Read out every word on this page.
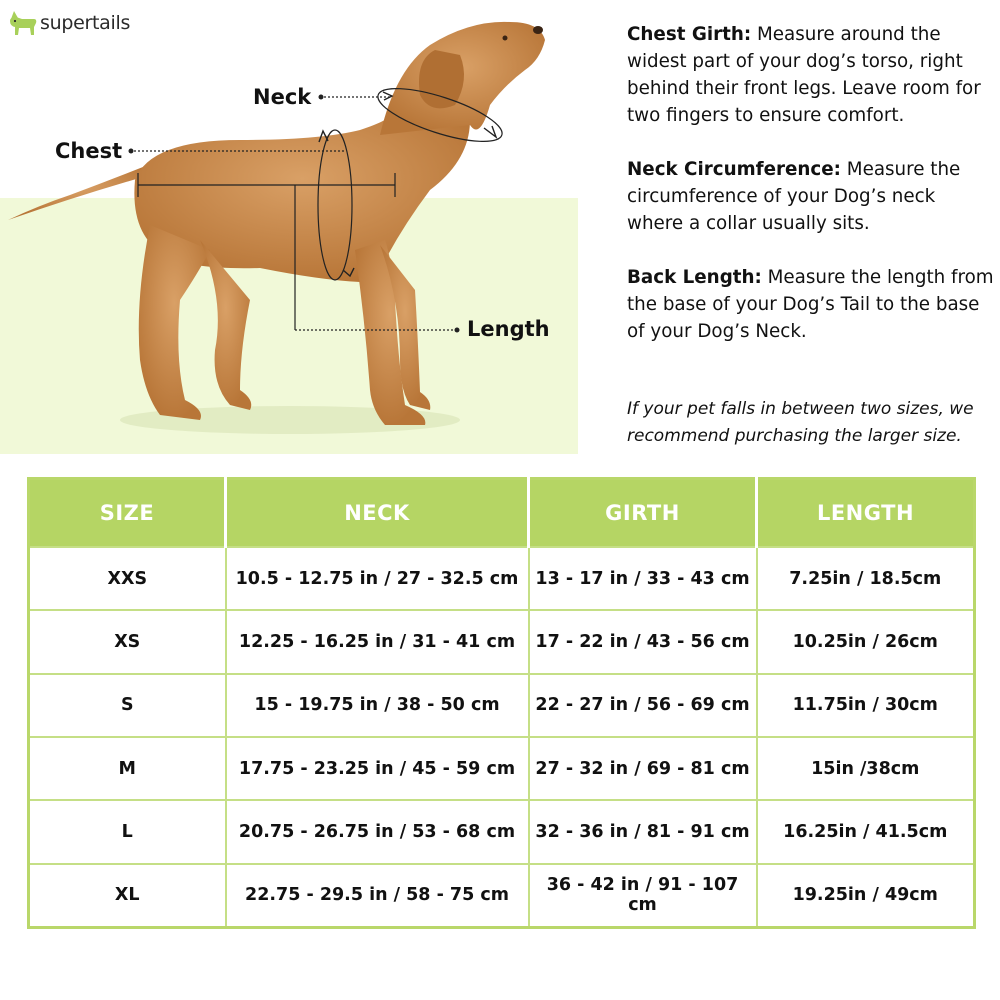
supertails
Neck
Chest
Length
Chest Girth: Measure around the widest part of your dog’s torso, right behind their front legs. Leave room for two fingers to ensure comfort.
Neck Circumference: Measure the circumference of your Dog’s neck where a collar usually sits.
Back Length: Measure the length from the base of your Dog’s Tail to the base of your Dog’s Neck.
If your pet falls in between two sizes, we recommend purchasing the larger size.
SIZE	NECK	GIRTH	LENGTH
XXS	10.5 - 12.75 in / 27 - 32.5 cm	13 - 17 in / 33 - 43 cm	7.25in / 18.5cm
XS	12.25 - 16.25 in / 31 - 41 cm	17 - 22 in / 43 - 56 cm	10.25in / 26cm
S	15 - 19.75 in / 38 - 50 cm	22 - 27 in / 56 - 69 cm	11.75in / 30cm
M	17.75 - 23.25 in / 45 - 59 cm	27 - 32 in / 69 - 81 cm	15in /38cm
L	20.75 - 26.75 in / 53 - 68 cm	32 - 36 in / 81 - 91 cm	16.25in / 41.5cm
XL	22.75 - 29.5 in / 58 - 75 cm	36 - 42 in / 91 - 107 cm	19.25in / 49cm
